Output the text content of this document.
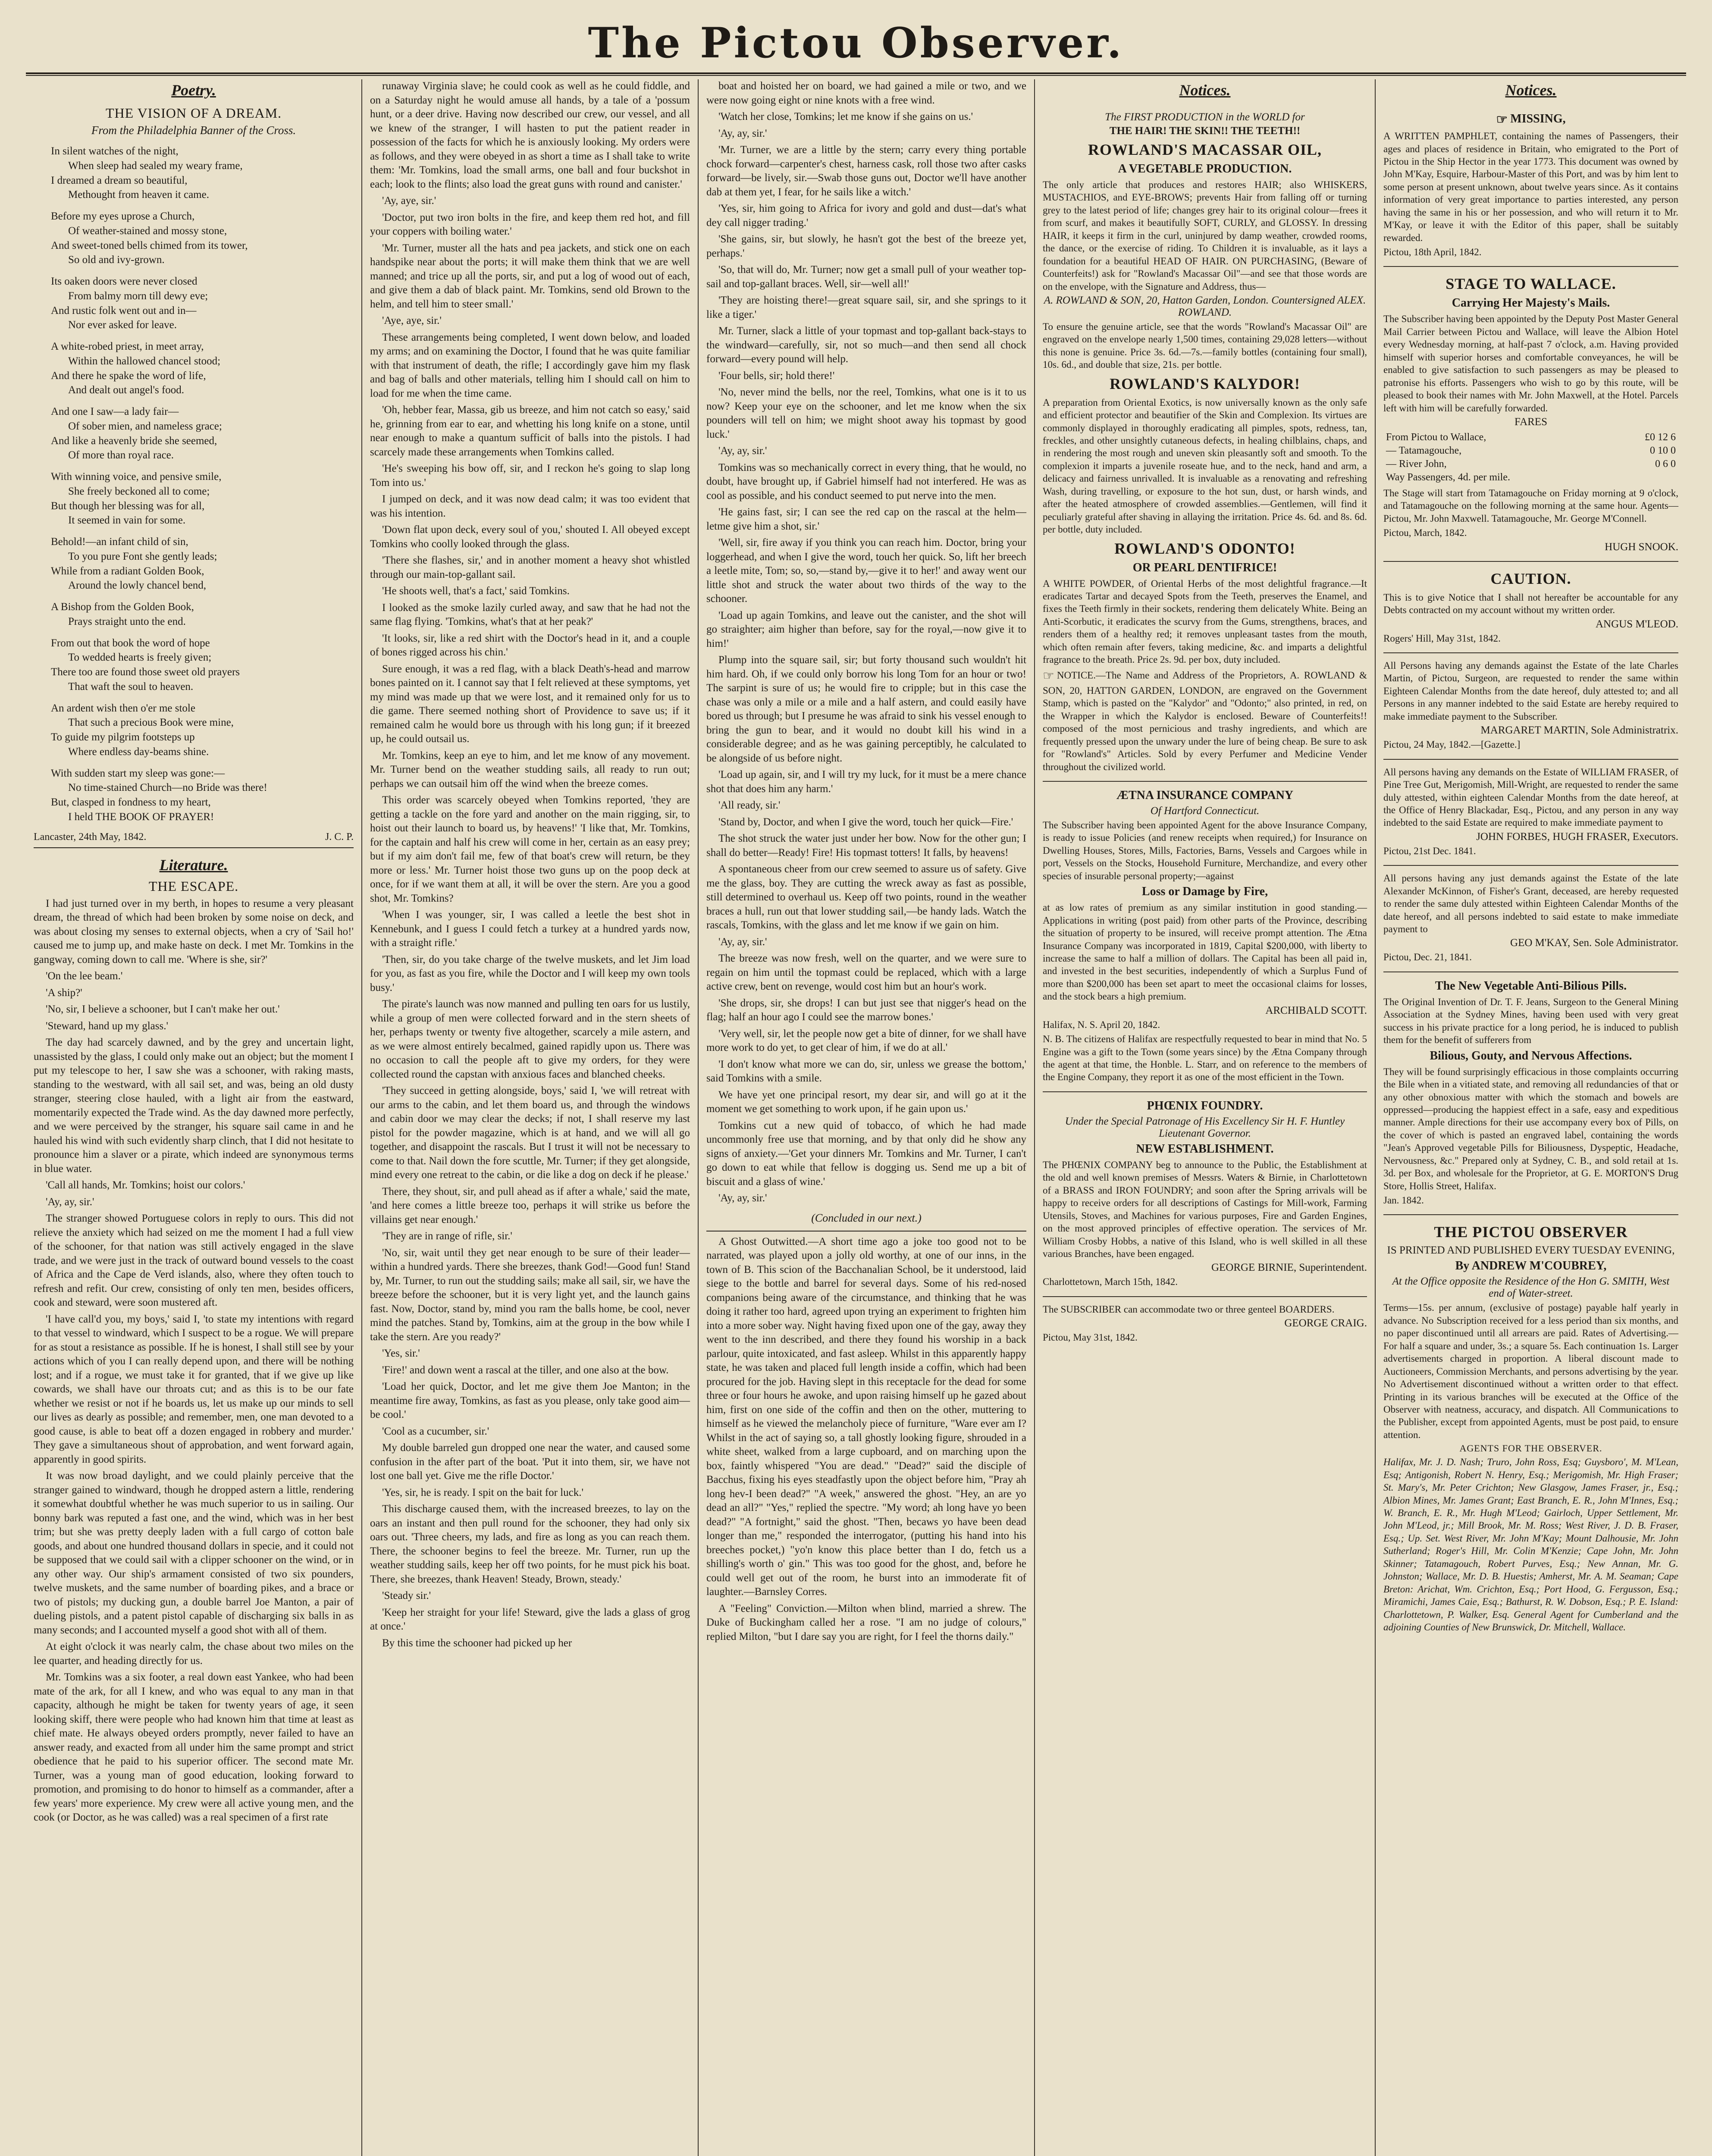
The Pictou Observer.
Poetry.
THE VISION OF A DREAM.
From the Philadelphia Banner of the Cross.
In silent watches of the night,
When sleep had sealed my weary frame,
I dreamed a dream so beautiful,
Methought from heaven it came.
Before my eyes uprose a Church,
Of weather-stained and mossy stone,
And sweet-toned bells chimed from its tower,
So old and ivy-grown.
Its oaken doors were never closed
From balmy morn till dewy eve;
And rustic folk went out and in—
Nor ever asked for leave.
A white-robed priest, in meet array,
Within the hallowed chancel stood;
And there he spake the word of life,
And dealt out angel's food.
And one I saw—a lady fair—
Of sober mien, and nameless grace;
And like a heavenly bride she seemed,
Of more than royal race.
With winning voice, and pensive smile,
She freely beckoned all to come;
But though her blessing was for all,
It seemed in vain for some.
Behold!—an infant child of sin,
To you pure Font she gently leads;
While from a radiant Golden Book,
Around the lowly chancel bend,
A Bishop from the Golden Book,
Prays straight unto the end.
From out that book the word of hope
To wedded hearts is freely given;
There too are found those sweet old prayers
That waft the soul to heaven.
An ardent wish then o'er me stole
That such a precious Book were mine,
To guide my pilgrim footsteps up
Where endless day-beams shine.
With sudden start my sleep was gone:—
No time-stained Church—no Bride was there!
But, clasped in fondness to my heart,
I held THE BOOK OF PRAYER!
Lancaster, 24th May, 1842.	J. C. P.
Literature.
THE ESCAPE.

I had just turned over in my berth, in hopes to resume a very pleasant dream, the thread of which had been broken by some noise on deck, and was about closing my senses to external objects, when a cry of 'Sail ho!' caused me to jump up, and make haste on deck. I met Mr. Tomkins in the gangway, coming down to call me. 'Where is she, sir?'

'On the lee beam.'

'A ship?'

'No, sir, I believe a schooner, but I can't make her out.'

'Steward, hand up my glass.'

The day had scarcely dawned, and by the grey and uncertain light, unassisted by the glass, I could only make out an object; but the moment I put my telescope to her, I saw she was a schooner, with raking masts, standing to the westward, with all sail set, and was, being an old dusty stranger, steering close hauled, with a light air from the eastward, momentarily expected the Trade wind. As the day dawned more perfectly, and we were perceived by the stranger, his square sail came in and he hauled his wind with such evidently sharp clinch, that I did not hesitate to pronounce him a slaver or a pirate, which indeed are synonymous terms in blue water.

'Call all hands, Mr. Tomkins; hoist our colors.'

'Ay, ay, sir.'

The stranger showed Portuguese colors in reply to ours. This did not relieve the anxiety which had seized on me the moment I had a full view of the schooner, for that nation was still actively engaged in the slave trade, and we were just in the track of outward bound vessels to the coast of Africa and the Cape de Verd islands, also, where they often touch to refresh and refit. Our crew, consisting of only ten men, besides officers, cook and steward, were soon mustered aft.

'I have call'd you, my boys,' said I, 'to state my intentions with regard to that vessel to windward, which I suspect to be a rogue. We will prepare for as stout a resistance as possible. If he is honest, I shall still see by your actions which of you I can really depend upon, and there will be nothing lost; and if a rogue, we must take it for granted, that if we give up like cowards, we shall have our throats cut; and as this is to be our fate whether we resist or not if he boards us, let us make up our minds to sell our lives as dearly as possible; and remember, men, one man devoted to a good cause, is able to beat off a dozen engaged in robbery and murder.' They gave a simultaneous shout of approbation, and went forward again, apparently in good spirits.

It was now broad daylight, and we could plainly perceive that the stranger gained to windward, though he dropped astern a little, rendering it somewhat doubtful whether he was much superior to us in sailing. Our bonny bark was reputed a fast one, and the wind, which was in her best trim; but she was pretty deeply laden with a full cargo of cotton bale goods, and about one hundred thousand dollars in specie, and it could not be supposed that we could sail with a clipper schooner on the wind, or in any other way. Our ship's armament consisted of two six pounders, twelve muskets, and the same number of boarding pikes, and a brace or two of pistols; my ducking gun, a double barrel Joe Manton, a pair of dueling pistols, and a patent pistol capable of discharging six balls in as many seconds; and I accounted myself a good shot with all of them.

At eight o'clock it was nearly calm, the chase about two miles on the lee quarter, and heading directly for us.

Mr. Tomkins was a six footer, a real down east Yankee, who had been mate of the ark, for all I knew, and who was equal to any man in that capacity, although he might be taken for twenty years of age, it seen looking skiff, there were people who had known him that time at least as chief mate. He always obeyed orders promptly, never failed to have an answer ready, and exacted from all under him the same prompt and strict obedience that he paid to his superior officer. The second mate Mr. Turner, was a young man of good education, looking forward to promotion, and promising to do honor to himself as a commander, after a few years' more experience. My crew were all active young men, and the cook (or Doctor, as he was called) was a real specimen of a first rate

runaway Virginia slave; he could cook as well as he could fiddle, and on a Saturday night he would amuse all hands, by a tale of a 'possum hunt, or a deer drive. Having now described our crew, our vessel, and all we knew of the stranger, I will hasten to put the patient reader in possession of the facts for which he is anxiously looking. My orders were as follows, and they were obeyed in as short a time as I shall take to write them: 'Mr. Tomkins, load the small arms, one ball and four buckshot in each; look to the flints; also load the great guns with round and canister.'

'Ay, aye, sir.'

'Doctor, put two iron bolts in the fire, and keep them red hot, and fill your coppers with boiling water.'

'Mr. Turner, muster all the hats and pea jackets, and stick one on each handspike near about the ports; it will make them think that we are well manned; and trice up all the ports, sir, and put a log of wood out of each, and give them a dab of black paint. Mr. Tomkins, send old Brown to the helm, and tell him to steer small.'

'Aye, aye, sir.'

These arrangements being completed, I went down below, and loaded my arms; and on examining the Doctor, I found that he was quite familiar with that instrument of death, the rifle; I accordingly gave him my flask and bag of balls and other materials, telling him I should call on him to load for me when the time came.

'Oh, hebber fear, Massa, gib us breeze, and him not catch so easy,' said he, grinning from ear to ear, and whetting his long knife on a stone, until near enough to make a quantum sufficit of balls into the pistols. I had scarcely made these arrangements when Tomkins called.

'He's sweeping his bow off, sir, and I reckon he's going to slap long Tom into us.'

I jumped on deck, and it was now dead calm; it was too evident that was his intention.

'Down flat upon deck, every soul of you,' shouted I. All obeyed except Tomkins who coolly looked through the glass.

'There she flashes, sir,' and in another moment a heavy shot whistled through our main-top-gallant sail.

'He shoots well, that's a fact,' said Tomkins.

I looked as the smoke lazily curled away, and saw that he had not the same flag flying. 'Tomkins, what's that at her peak?'

'It looks, sir, like a red shirt with the Doctor's head in it, and a couple of bones rigged across his chin.'

Sure enough, it was a red flag, with a black Death's-head and marrow bones painted on it. I cannot say that I felt relieved at these symptoms, yet my mind was made up that we were lost, and it remained only for us to die game. There seemed nothing short of Providence to save us; if it remained calm he would bore us through with his long gun; if it breezed up, he could outsail us.

Mr. Tomkins, keep an eye to him, and let me know of any movement. Mr. Turner bend on the weather studding sails, all ready to run out; perhaps we can outsail him off the wind when the breeze comes.

This order was scarcely obeyed when Tomkins reported, 'they are getting a tackle on the fore yard and another on the main rigging, sir, to hoist out their launch to board us, by heavens!' 'I like that, Mr. Tomkins, for the captain and half his crew will come in her, certain as an easy prey; but if my aim don't fail me, few of that boat's crew will return, be they more or less.' Mr. Turner hoist those two guns up on the poop deck at once, for if we want them at all, it will be over the stern. Are you a good shot, Mr. Tomkins?

'When I was younger, sir, I was called a leetle the best shot in Kennebunk, and I guess I could fetch a turkey at a hundred yards now, with a straight rifle.'

'Then, sir, do you take charge of the twelve muskets, and let Jim load for you, as fast as you fire, while the Doctor and I will keep my own tools busy.'

The pirate's launch was now manned and pulling ten oars for us lustily, while a group of men were collected forward and in the stern sheets of her, perhaps twenty or twenty five altogether, scarcely a mile astern, and as we were almost entirely becalmed, gained rapidly upon us. There was no occasion to call the people aft to give my orders, for they were collected round the capstan with anxious faces and blanched cheeks.

'They succeed in getting alongside, boys,' said I, 'we will retreat with our arms to the cabin, and let them board us, and through the windows and cabin door we may clear the decks; if not, I shall reserve my last pistol for the powder magazine, which is at hand, and we will all go together, and disappoint the rascals. But I trust it will not be necessary to come to that. Nail down the fore scuttle, Mr. Turner; if they get alongside, mind every one retreat to the cabin, or die like a dog on deck if he please.'

There, they shout, sir, and pull ahead as if after a whale,' said the mate, 'and here comes a little breeze too, perhaps it will strike us before the villains get near enough.'

'They are in range of rifle, sir.'

'No, sir, wait until they get near enough to be sure of their leader—within a hundred yards. There she breezes, thank God!—Good fun! Stand by, Mr. Turner, to run out the studding sails; make all sail, sir, we have the breeze before the schooner, but it is very light yet, and the launch gains fast. Now, Doctor, stand by, mind you ram the balls home, be cool, never mind the patches. Stand by, Tomkins, aim at the group in the bow while I take the stern. Are you ready?'

'Yes, sir.'

'Fire!' and down went a rascal at the tiller, and one also at the bow.

'Load her quick, Doctor, and let me give them Joe Manton; in the meantime fire away, Tomkins, as fast as you please, only take good aim—be cool.'

'Cool as a cucumber, sir.'

My double barreled gun dropped one near the water, and caused some confusion in the after part of the boat. 'Put it into them, sir, we have not lost one ball yet. Give me the rifle Doctor.'

'Yes, sir, he is ready. I spit on the bait for luck.'

This discharge caused them, with the increased breezes, to lay on the oars an instant and then pull round for the schooner, they had only six oars out. 'Three cheers, my lads, and fire as long as you can reach them. There, the schooner begins to feel the breeze. Mr. Turner, run up the weather studding sails, keep her off two points, for he must pick his boat. There, she breezes, thank Heaven! Steady, Brown, steady.'

'Steady sir.'

'Keep her straight for your life! Steward, give the lads a glass of grog at once.'

By this time the schooner had picked up her

boat and hoisted her on board, we had gained a mile or two, and we were now going eight or nine knots with a free wind.

'Watch her close, Tomkins; let me know if she gains on us.'

'Ay, ay, sir.'

'Mr. Turner, we are a little by the stern; carry every thing portable chock forward—carpenter's chest, harness cask, roll those two after casks forward—be lively, sir.—Swab those guns out, Doctor we'll have another dab at them yet, I fear, for he sails like a witch.'

'Yes, sir, him going to Africa for ivory and gold and dust—dat's what dey call nigger trading.'

'She gains, sir, but slowly, he hasn't got the best of the breeze yet, perhaps.'

'So, that will do, Mr. Turner; now get a small pull of your weather top-sail and top-gallant braces. Well, sir—well all!'

'They are hoisting there!—great square sail, sir, and she springs to it like a tiger.'

Mr. Turner, slack a little of your topmast and top-gallant back-stays to the windward—carefully, sir, not so much—and then send all chock forward—every pound will help.

'Four bells, sir; hold there!'

'No, never mind the bells, nor the reel, Tomkins, what one is it to us now? Keep your eye on the schooner, and let me know when the six pounders will tell on him; we might shoot away his topmast by good luck.'

'Ay, ay, sir.'

Tomkins was so mechanically correct in every thing, that he would, no doubt, have brought up, if Gabriel himself had not interfered. He was as cool as possible, and his conduct seemed to put nerve into the men.

'He gains fast, sir; I can see the red cap on the rascal at the helm—letme give him a shot, sir.'

'Well, sir, fire away if you think you can reach him. Doctor, bring your loggerhead, and when I give the word, touch her quick. So, lift her breech a leetle mite, Tom; so, so,—stand by,—give it to her!' and away went our little shot and struck the water about two thirds of the way to the schooner.

'Load up again Tomkins, and leave out the canister, and the shot will go straighter; aim higher than before, say for the royal,—now give it to him!'

Plump into the square sail, sir; but forty thousand such wouldn't hit him hard. Oh, if we could only borrow his long Tom for an hour or two! The sarpint is sure of us; he would fire to cripple; but in this case the chase was only a mile or a mile and a half astern, and could easily have bored us through; but I presume he was afraid to sink his vessel enough to bring the gun to bear, and it would no doubt kill his wind in a considerable degree; and as he was gaining perceptibly, he calculated to be alongside of us before night.

'Load up again, sir, and I will try my luck, for it must be a mere chance shot that does him any harm.'

'All ready, sir.'

'Stand by, Doctor, and when I give the word, touch her quick—Fire.'

The shot struck the water just under her bow. Now for the other gun; I shall do better—Ready! Fire! His topmast totters! It falls, by heavens!

A spontaneous cheer from our crew seemed to assure us of safety. Give me the glass, boy. They are cutting the wreck away as fast as possible, still determined to overhaul us. Keep off two points, round in the weather braces a hull, run out that lower studding sail,—be handy lads. Watch the rascals, Tomkins, with the glass and let me know if we gain on him.

'Ay, ay, sir.'

The breeze was now fresh, well on the quarter, and we were sure to regain on him until the topmast could be replaced, which with a large active crew, bent on revenge, would cost him but an hour's work.

'She drops, sir, she drops! I can but just see that nigger's head on the flag; half an hour ago I could see the marrow bones.'

'Very well, sir, let the people now get a bite of dinner, for we shall have more work to do yet, to get clear of him, if we do at all.'

'I don't know what more we can do, sir, unless we grease the bottom,' said Tomkins with a smile.

We have yet one principal resort, my dear sir, and will go at it the moment we get something to work upon, if he gain upon us.'

Tomkins cut a new quid of tobacco, of which he had made uncommonly free use that morning, and by that only did he show any signs of anxiety.—'Get your dinners Mr. Tomkins and Mr. Turner, I can't go down to eat while that fellow is dogging us. Send me up a bit of biscuit and a glass of wine.'

'Ay, ay, sir.'

(Concluded in our next.)

A Ghost Outwitted.—A short time ago a joke too good not to be narrated, was played upon a jolly old worthy, at one of our inns, in the town of B. This scion of the Bacchanalian School, be it understood, laid siege to the bottle and barrel for several days. Some of his red-nosed companions being aware of the circumstance, and thinking that he was doing it rather too hard, agreed upon trying an experiment to frighten him into a more sober way. Night having fixed upon one of the gay, away they went to the inn described, and there they found his worship in a back parlour, quite intoxicated, and fast asleep. Whilst in this apparently happy state, he was taken and placed full length inside a coffin, which had been procured for the job. Having slept in this receptacle for the dead for some three or four hours he awoke, and upon raising himself up he gazed about him, first on one side of the coffin and then on the other, muttering to himself as he viewed the melancholy piece of furniture, "Ware ever am I? Whilst in the act of saying so, a tall ghostly looking figure, shrouded in a white sheet, walked from a large cupboard, and on marching upon the box, faintly whispered "You are dead." "Dead?" said the disciple of Bacchus, fixing his eyes steadfastly upon the object before him, "Pray ah long hev-I been dead?" "A week," answered the ghost. "Hey, an are yo dead an all?" "Yes," replied the spectre. "My word; ah long have yo been dead?" "A fortnight," said the ghost. "Then, becaws yo have been dead longer than me," responded the interrogator, (putting his hand into his breeches pocket,) "yo'n know this place better than I do, fetch us a shilling's worth o' gin." This was too good for the ghost, and, before he could well get out of the room, he burst into an immoderate fit of laughter.—Barnsley Corres.

A "Feeling" Conviction.—Milton when blind, married a shrew. The Duke of Buckingham called her a rose. "I am no judge of colours," replied Milton, "but I dare say you are right, for I feel the thorns daily."

Notices.
The FIRST PRODUCTION in the WORLD for
THE HAIR! THE SKIN!! THE TEETH!!
ROWLAND'S MACASSAR OIL,
A VEGETABLE PRODUCTION.
The only article that produces and restores HAIR; also WHISKERS, MUSTACHIOS, and EYE-BROWS; prevents Hair from falling off or turning grey to the latest period of life; changes grey hair to its original colour—frees it from scurf, and makes it beautifully SOFT, CURLY, and GLOSSY. In dressing HAIR, it keeps it firm in the curl, uninjured by damp weather, crowded rooms, the dance, or the exercise of riding. To Children it is invaluable, as it lays a foundation for a beautiful HEAD OF HAIR. ON PURCHASING, (Beware of Counterfeits!) ask for "Rowland's Macassar Oil"—and see that those words are on the envelope, with the Signature and Address, thus—
A. ROWLAND & SON, 20, Hatton Garden, London. Countersigned ALEX. ROWLAND.
To ensure the genuine article, see that the words "Rowland's Macassar Oil" are engraved on the envelope nearly 1,500 times, containing 29,028 letters—without this none is genuine. Price 3s. 6d.—7s.—family bottles (containing four small), 10s. 6d., and double that size, 21s. per bottle.
ROWLAND'S KALYDOR!
A preparation from Oriental Exotics, is now universally known as the only safe and efficient protector and beautifier of the Skin and Complexion. Its virtues are commonly displayed in thoroughly eradicating all pimples, spots, redness, tan, freckles, and other unsightly cutaneous defects, in healing chilblains, chaps, and in rendering the most rough and uneven skin pleasantly soft and smooth. To the complexion it imparts a juvenile roseate hue, and to the neck, hand and arm, a delicacy and fairness unrivalled. It is invaluable as a renovating and refreshing Wash, during travelling, or exposure to the hot sun, dust, or harsh winds, and after the heated atmosphere of crowded assemblies.—Gentlemen, will find it peculiarly grateful after shaving in allaying the irritation. Price 4s. 6d. and 8s. 6d. per bottle, duty included.
ROWLAND'S ODONTO!
OR PEARL DENTIFRICE!
A WHITE POWDER, of Oriental Herbs of the most delightful fragrance.—It eradicates Tartar and decayed Spots from the Teeth, preserves the Enamel, and fixes the Teeth firmly in their sockets, rendering them delicately White. Being an Anti-Scorbutic, it eradicates the scurvy from the Gums, strengthens, braces, and renders them of a healthy red; it removes unpleasant tastes from the mouth, which often remain after fevers, taking medicine, &c. and imparts a delightful fragrance to the breath. Price 2s. 9d. per box, duty included.
☞ NOTICE.—The Name and Address of the Proprietors, A. ROWLAND & SON, 20, HATTON GARDEN, LONDON, are engraved on the Government Stamp, which is pasted on the "Kalydor" and "Odonto;" also printed, in red, on the Wrapper in which the Kalydor is enclosed. Beware of Counterfeits!! composed of the most pernicious and trashy ingredients, and which are frequently pressed upon the unwary under the lure of being cheap. Be sure to ask for "Rowland's" Articles. Sold by every Perfumer and Medicine Vender throughout the civilized world.
ÆTNA INSURANCE COMPANY
Of Hartford Connecticut.
The Subscriber having been appointed Agent for the above Insurance Company, is ready to issue Policies (and renew receipts when required,) for Insurance on Dwelling Houses, Stores, Mills, Factories, Barns, Vessels and Cargoes while in port, Vessels on the Stocks, Household Furniture, Merchandize, and every other species of insurable personal property;—against
Loss or Damage by Fire,
at as low rates of premium as any similar institution in good standing.—Applications in writing (post paid) from other parts of the Province, describing the situation of property to be insured, will receive prompt attention. The Ætna Insurance Company was incorporated in 1819, Capital $200,000, with liberty to increase the same to half a million of dollars. The Capital has been all paid in, and invested in the best securities, independently of which a Surplus Fund of more than $200,000 has been set apart to meet the occasional claims for losses, and the stock bears a high premium.
ARCHIBALD SCOTT.
Halifax, N. S. April 20, 1842.
N. B. The citizens of Halifax are respectfully requested to bear in mind that No. 5 Engine was a gift to the Town (some years since) by the Ætna Company through the agent at that time, the Honble. L. Starr, and on reference to the members of the Engine Company, they report it as one of the most efficient in the Town.
PHŒNIX FOUNDRY.
Under the Special Patronage of His Excellency Sir H. F. Huntley Lieutenant Governor.
NEW ESTABLISHMENT.
The PHŒNIX COMPANY beg to announce to the Public, the Establishment at the old and well known premises of Messrs. Waters & Birnie, in Charlottetown of a BRASS and IRON FOUNDRY; and soon after the Spring arrivals will be happy to receive orders for all descriptions of Castings for Mill-work, Farming Utensils, Stoves, and Machines for various purposes, Fire and Garden Engines, on the most approved principles of effective operation. The services of Mr. William Crosby Hobbs, a native of this Island, who is well skilled in all these various Branches, have been engaged.
GEORGE BIRNIE, Superintendent.
Charlottetown, March 15th, 1842.
The SUBSCRIBER can accommodate two or three genteel BOARDERS.
GEORGE CRAIG.
Pictou, May 31st, 1842.
Notices.
☞ MISSING,
A WRITTEN PAMPHLET, containing the names of Passengers, their ages and places of residence in Britain, who emigrated to the Port of Pictou in the Ship Hector in the year 1773. This document was owned by John M'Kay, Esquire, Harbour-Master of this Port, and was by him lent to some person at present unknown, about twelve years since. As it contains information of very great importance to parties interested, any person having the same in his or her possession, and who will return it to Mr. M'Kay, or leave it with the Editor of this paper, shall be suitably rewarded.
Pictou, 18th April, 1842.
STAGE TO WALLACE.
Carrying Her Majesty's Mails.
The Subscriber having been appointed by the Deputy Post Master General Mail Carrier between Pictou and Wallace, will leave the Albion Hotel every Wednesday morning, at half-past 7 o'clock, a.m. Having provided himself with superior horses and comfortable conveyances, he will be enabled to give satisfaction to such passengers as may be pleased to patronise his efforts. Passengers who wish to go by this route, will be pleased to book their names with Mr. John Maxwell, at the Hotel. Parcels left with him will be carefully forwarded.
FARES
From Pictou to Wallace,	£0 12 6
— Tatamagouche,	0 10 0
— River John,	0 6 0
Way Passengers, 4d. per mile.	
The Stage will start from Tatamagouche on Friday morning at 9 o'clock, and Tatamagouche on the following morning at the same hour. Agents—Pictou, Mr. John Maxwell. Tatamagouche, Mr. George M'Connell.
Pictou, March, 1842.
HUGH SNOOK.
CAUTION.
This is to give Notice that I shall not hereafter be accountable for any Debts contracted on my account without my written order.
ANGUS M'LEOD.
Rogers' Hill, May 31st, 1842.
All Persons having any demands against the Estate of the late Charles Martin, of Pictou, Surgeon, are requested to render the same within Eighteen Calendar Months from the date hereof, duly attested to; and all Persons in any manner indebted to the said Estate are hereby required to make immediate payment to the Subscriber.
MARGARET MARTIN, Sole Administratrix.
Pictou, 24 May, 1842.—[Gazette.]
All persons having any demands on the Estate of WILLIAM FRASER, of Pine Tree Gut, Merigomish, Mill-Wright, are requested to render the same duly attested, within eighteen Calendar Months from the date hereof, at the Office of Henry Blackadar, Esq., Pictou, and any person in any way indebted to the said Estate are required to make immediate payment to
JOHN FORBES, HUGH FRASER, Executors.
Pictou, 21st Dec. 1841.
All persons having any just demands against the Estate of the late Alexander McKinnon, of Fisher's Grant, deceased, are hereby requested to render the same duly attested within Eighteen Calendar Months of the date hereof, and all persons indebted to said estate to make immediate payment to
GEO M'KAY, Sen. Sole Administrator.
Pictou, Dec. 21, 1841.
The New Vegetable Anti-Bilious Pills.
The Original Invention of Dr. T. F. Jeans, Surgeon to the General Mining Association at the Sydney Mines, having been used with very great success in his private practice for a long period, he is induced to publish them for the benefit of sufferers from
Bilious, Gouty, and Nervous Affections.
They will be found surprisingly efficacious in those complaints occurring the Bile when in a vitiated state, and removing all redundancies of that or any other obnoxious matter with which the stomach and bowels are oppressed—producing the happiest effect in a safe, easy and expeditious manner. Ample directions for their use accompany every box of Pills, on the cover of which is pasted an engraved label, containing the words "Jean's Approved vegetable Pills for Biliousness, Dyspeptic, Headache, Nervousness, &c." Prepared only at Sydney, C. B., and sold retail at 1s. 3d. per Box, and wholesale for the Proprietor, at G. E. MORTON'S Drug Store, Hollis Street, Halifax.
Jan. 1842.
THE PICTOU OBSERVER
IS PRINTED AND PUBLISHED EVERY TUESDAY EVENING,
By ANDREW M'COUBREY,
At the Office opposite the Residence of the Hon G. SMITH, West end of Water-street.
Terms—15s. per annum, (exclusive of postage) payable half yearly in advance. No Subscription received for a less period than six months, and no paper discontinued until all arrears are paid. Rates of Advertising.—For half a square and under, 3s.; a square 5s. Each continuation 1s. Larger advertisements charged in proportion. A liberal discount made to Auctioneers, Commission Merchants, and persons advertising by the year. No Advertisement discontinued without a written order to that effect. Printing in its various branches will be executed at the Office of the Observer with neatness, accuracy, and dispatch. All Communications to the Publisher, except from appointed Agents, must be post paid, to ensure attention.
AGENTS FOR THE OBSERVER.
Halifax, Mr. J. D. Nash; Truro, John Ross, Esq; Guysboro', M. M'Lean, Esq; Antigonish, Robert N. Henry, Esq.; Merigomish, Mr. High Fraser; St. Mary's, Mr. Peter Crichton; New Glasgow, James Fraser, jr., Esq.; Albion Mines, Mr. James Grant; East Branch, E. R., John M'Innes, Esq.; W. Branch, E. R., Mr. Hugh M'Leod; Gairloch, Upper Settlement, Mr. John M'Leod, jr.; Mill Brook, Mr. M. Ross; West River, J. D. B. Fraser, Esq.; Up. Set. West River, Mr. John M'Kay; Mount Dalhousie, Mr. John Sutherland; Roger's Hill, Mr. Colin M'Kenzie; Cape John, Mr. John Skinner; Tatamagouch, Robert Purves, Esq.; New Annan, Mr. G. Johnston; Wallace, Mr. D. B. Huestis; Amherst, Mr. A. M. Seaman; Cape Breton: Arichat, Wm. Crichton, Esq.; Port Hood, G. Fergusson, Esq.; Miramichi, James Caie, Esq.; Bathurst, R. W. Dobson, Esq.; P. E. Island: Charlottetown, P. Walker, Esq. General Agent for Cumberland and the adjoining Counties of New Brunswick, Dr. Mitchell, Wallace.
